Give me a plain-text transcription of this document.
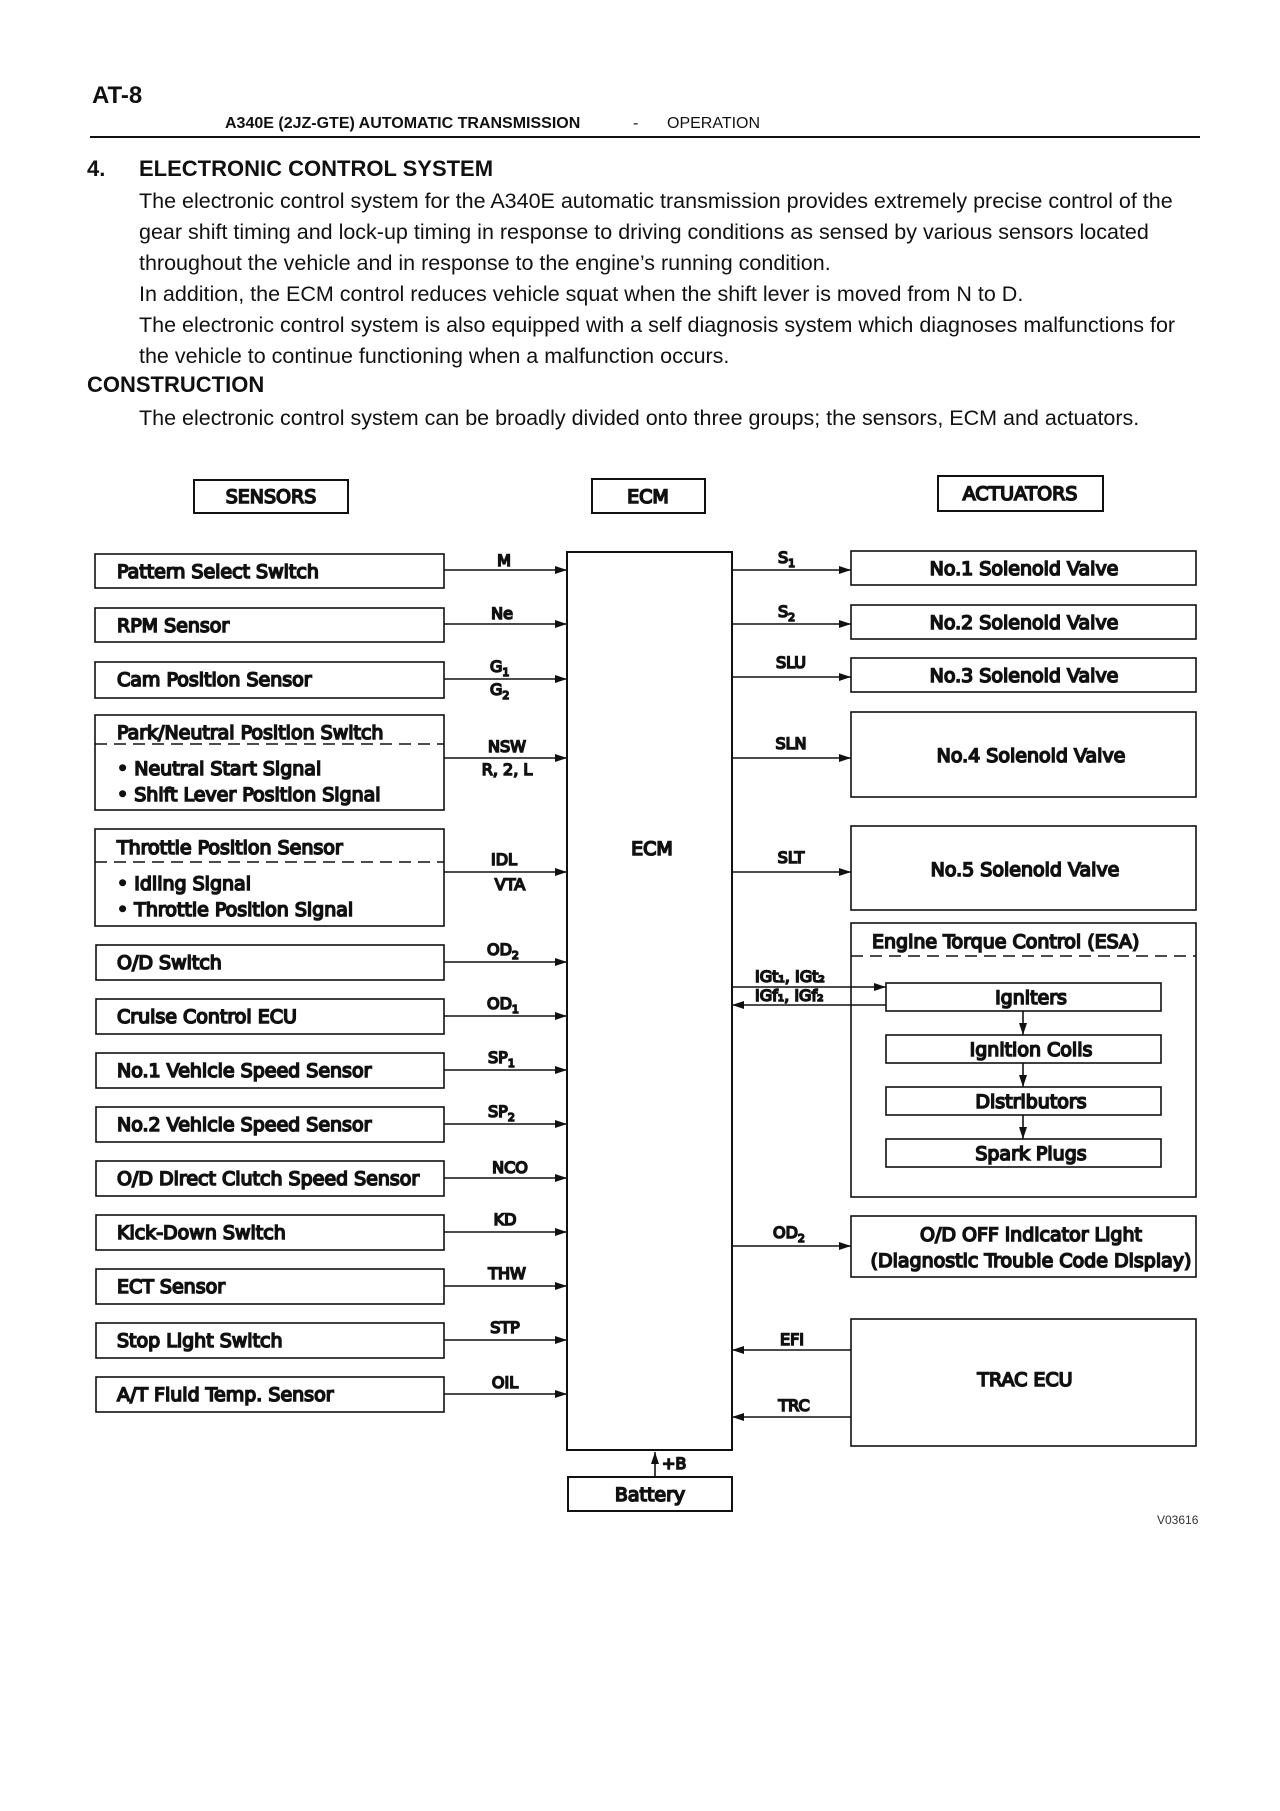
AT-8
A340E (2JZ-GTE) AUTOMATIC TRANSMISSION	- OPERATION
4. ELECTRONIC CONTROL SYSTEM

The electronic control system for the A340E automatic transmission provides extremely precise control of the gear shift timing and lock-up timing in response to driving conditions as sensed by various sensors located throughout the vehicle and in response to the engine’s running condition.

In addition, the ECM control reduces vehicle squat when the shift lever is moved from N to D.

The electronic control system is also equipped with a self diagnosis system which diagnoses malfunctions for the vehicle to continue functioning when a malfunction occurs.

CONSTRUCTION

The electronic control system can be broadly divided onto three groups; the sensors, ECM and actuators.

SENSORS	ECM	ACTUATORS
ECM
Battery
+B
Pattern Select Switch
M
RPM Sensor
Ne
Cam Position Sensor
$G_1$
$G_2$
Park/Neutral Position Switch
• Neutral Start Signal
• Shift Lever Position Signal
NSW
R, 2, L
Throttle Position Sensor
• Idling Signal
• Throttle Position Signal
IDL
VTA
O/D Switch
$OD_2$
Cruise Control ECU
$OD_1$
No.1 Vehicle Speed Sensor
$SP_1$
No.2 Vehicle Speed Sensor
$SP_2$
O/D Direct Clutch Speed Sensor
NCO
Kick-Down Switch
KD
ECT Sensor
THW
Stop Light Switch
STP
A/T Fluid Temp. Sensor
OIL
$S_1$	No.1 Solenoid Valve
$S_2$	No.2 Solenoid Valve
SLU
No.3 Solenoid Valve
SLN
No.4 Solenoid Valve
SLT
No.5 Solenoid Valve
Engine Torque Control (ESA)
Igniters
Ignition Coils
Distributors
Spark Plugs
IGt₁, IGt₂
IGf₁, IGf₂
$OD_2$	O/D OFF indicator Light
(Diagnostic Trouble Code Display)
TRAC ECU
EFI
TRC
V03616
